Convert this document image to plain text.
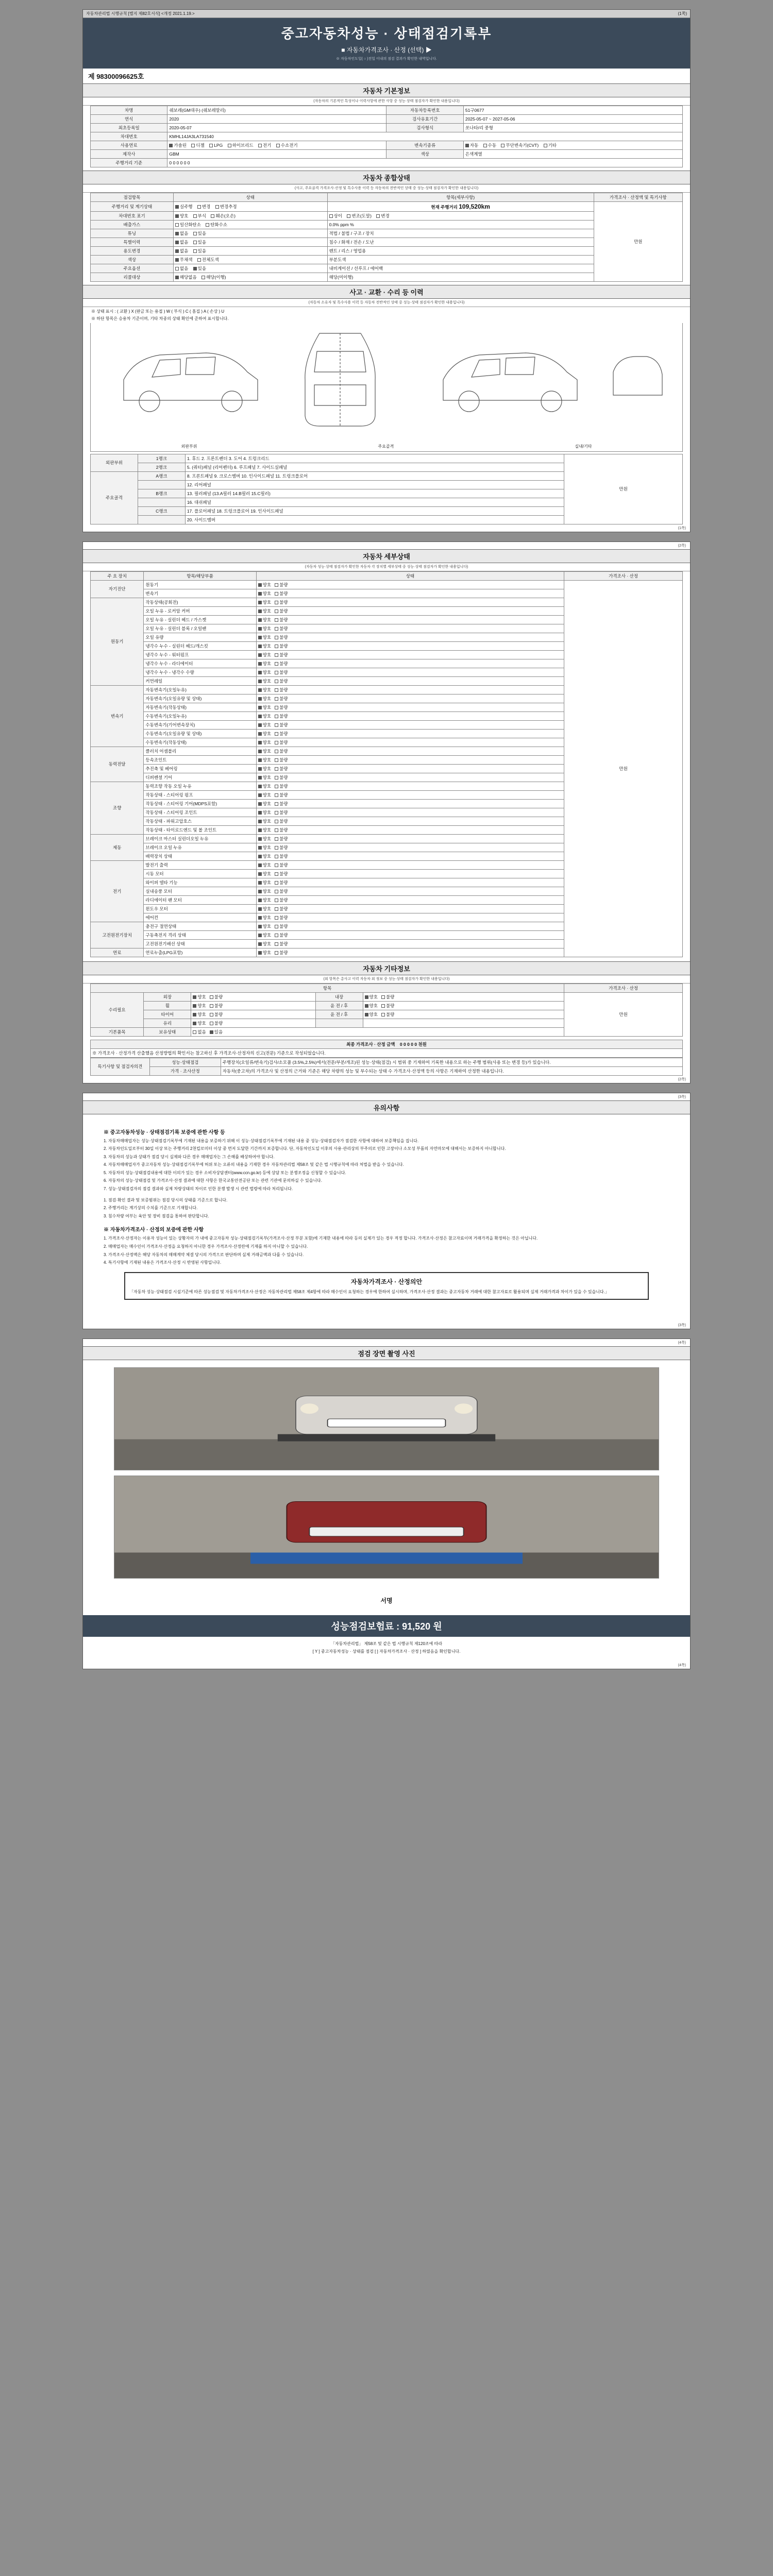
자동차관리법 시행규칙 [별지 제82호서식] <개정 2021.1.19.>	(1쪽)
중고자동차성능 · 상태점검기록부
■ 자동차가격조사 · 산정 (선택) ▶
※ 자동차인도일( ○ )전일 이내의 점검 결과가 확인한 내역입니다.
제 98300096625호
자동차 기본정보
(자동차의 기본적인 특성이나 이력사항에 관한 사항 중 성능·상태 점검자가 확인한 내용입니다)
차명	쉐보레(GM대우) (쉐보레말리)	자동차등록번호	51구0677
연식	2020	검사유효기간	2025-05-07 ~ 2027-05-06
최초등록일	2020-05-07	검사형식	쏘나타/리 중형
차대번호	KMHL14JA3LA731540		
사용연료	가솔린 디젤 LPG 하이브리드 전기 수소전기	변속기종류	자동 수동 무단변속기(CVT) 기타
제작사	GBM	색상	은색계열
주행거리 기준	0 0 0 0 0 0		
자동차 종합상태
(사고, 주요골격 가격조사·산정 및 특수사용 이력 등 자동차의 전반적인 상태 중 성능·상태 점검자가 확인한 내용입니다)
점검항목	상태	항목(세부사항)	가격조사 · 산정액 및 특기사항
주행거리 및 계기상태	실주행 변경 변경추정	현재 주행거리 109,520km	만원
차대번호 표기	양호 부식 훼손(오손)	상이 변조(도말) 변경	
배출가스	일산화탄소 탄화수소	0.0% ppm %	
튜닝	없음 있음	적법 / 불법 / 구조 / 장치	
특별이력	없음 있음	침수 / 화재 / 전손 / 도난	
용도변경	없음 있음	렌트 / 리스 / 영업용	
색상	무채색 전체도색	부분도색	
주요옵션	없음 있음	내비게이션 / 선루프 / 에어백	
리콜대상	해당없음 해당(이행)	해당(미이행)	
사고 · 교환 · 수리 등 이력
(자동차 소유자 및 특수사용 이력 등 자동차 전반적인 상태 중 성능·상태 점검자가 확인한 내용입니다)
※ 상태 표시 : ( 교환 ) X (판금 또는 용접 ) W ( 부식 ) C ( 흠집 ) A ( 손상 ) U
※ 하단 항목은 승용차 기준이며, 기타 차종의 상태 확인에 준하여 표시합니다.
외판부위	주요골격	실내/기타
외판부위	1랭크	1. 후드 2. 프론트펜더 3. 도어 4. 트렁크리드	만원
	2랭크	5. (쿼터)패널 (리어펜더) 6. 루프패널 7. 사이드실패널	
주요골격	A랭크	8. 프론트패널 9. 크로스멤버 10. 인사이드패널 11. 트렁크플로어	
		12. 리어패널	
	B랭크	13. 필러패널 (13.A필러 14.B필러 15.C필러)	
		16. 대쉬패널	
	C랭크	17. 플로어패널 18. 트렁크플로어 19. 인사이드패널	
		20. 사이드멤버	
(1쪽)
(2쪽)
자동차 세부상태
(자동차 성능·상태 점검자가 확인한 자동차 각 장치별 세부상태 중 성능·상태 점검자가 확인한 내용입니다)
주 요 장치	항목/해당부품	상태	가격조사 · 산정
자기진단	원동기	양호 불량	만원
	변속기	양호 불량	
원동기	작동상태(공회전)	양호 불량	
	오일 누유 - 로커암 커버	양호 불량	
	오일 누유 - 실린더 헤드 / 가스켓	양호 불량	
	오일 누유 - 실린더 블록 / 오일팬	양호 불량	
	오일 유량	양호 불량	
	냉각수 누수 - 실린더 헤드/개스킷	양호 불량	
	냉각수 누수 - 워터펌프	양호 불량	
	냉각수 누수 - 라디에이터	양호 불량	
	냉각수 누수 - 냉각수 수량	양호 불량	
	커먼레일	양호 불량	
변속기	자동변속기(오일누유)	양호 불량	
	자동변속기(오일유량 및 상태)	양호 불량	
	자동변속기(작동상태)	양호 불량	
	수동변속기(오일누유)	양호 불량	
	수동변속기(기어변속장치)	양호 불량	
	수동변속기(오일유량 및 상태)	양호 불량	
	수동변속기(작동상태)	양호 불량	
동력전달	클러치 어셈블리	양호 불량	
	등속조인트	양호 불량	
	추진축 및 베어링	양호 불량	
	디퍼렌셜 기어	양호 불량	
조향	동력조향 작동 오일 누유	양호 불량	
	작동상태 - 스티어링 펌프	양호 불량	
	작동상태 - 스티어링 기어(MDPS포함)	양호 불량	
	작동상태 - 스티어링 조인트	양호 불량	
	작동상태 - 파워고압호스	양호 불량	
	작동상태 - 타이로드엔드 및 볼 조인트	양호 불량	
제동	브레이크 마스터 실린더오일 누유	양호 불량	
	브레이크 오일 누유	양호 불량	
	배력장치 상태	양호 불량	
전기	발전기 출력	양호 불량	
	시동 모터	양호 불량	
	와이퍼 델타 기능	양호 불량	
	실내송풍 모터	양호 불량	
	라디에이터 팬 모터	양호 불량	
	윈도우 모터	양호 불량	
	에어컨	양호 불량	
고전원전기장치	충전구 절연상태	양호 불량	
	구동축전지 격리 상태	양호 불량	
	고전원전기배선 상태	양호 불량	
연료	연료누출(LPG포함)	양호 불량	
자동차 기타정보
(외 항목은 총사고 이력 자동차 외 정보 중 성능·상태 점검자가 확인한 내용입니다)
항목					가격조사 · 산정
수리필요	외장	양호 불량	내장	양호 불량	만원
	휠	양호 불량	윤 전 / 후	양호 불량	
	타이어	양호 불량	윤 전 / 후	양호 불량	
	유리	양호 불량			
기본품목	보유상태	없음 있음			
최종 가격조사 · 산정 금액 0 0 0 0 0 천원
※ 가격조사 · 산정가격 산출했음 산정방법의 확인서는 참고하신 후 가격조사·산정자의 신고(전문) 기준으로 작성되었습니다.
특기사항 및 점검자의견	성능·상태점검	주행장치(오일류/변속기)검사/소모품 (3.5%,2.5%)에서(전문/부분/개조)된 성능·상태(점검) 시 범위 중 기재하여 기록한 내용으로 하는 주행 범위(사용 또는 변경 등)가 있습니다.
	가격 · 조사산정	자동차(중고차)의 가격조사 및 산정의 근거와 기준은 해당 차량의 성능 및 부수되는 상태 수 가격조사·산정액 등의 사항은 기재하여 산정한 내용입니다.
(2쪽)
(3쪽)
유의사항
※ 중고자동차성능 · 상태점검기록 보증에 관한 사항 등

1. 자동차매매업자는 성능·상태점검기록부에 기재된 내용을 보증하기 위해 이 성능·상태점검기록부에 기재된 내용 중 성능·상태점검자가 점검한 사항에 대하여 보증책임을 집니다.

2. 자동차인도일로부터 30일 이상 또는 주행거리 2천킬로미터 이상 중 먼저 도달한 기간까지 보증합니다. 단, 자동차인도일 이후의 사용·관리상의 부주의로 인한 고장이나 소모성 부품의 자연마모에 대해서는 보증하지 아니합니다.

3. 자동차의 성능과 상태가 점검 당시 실제와 다른 경우 매매업자는 그 손해를 배상하여야 합니다.

4. 자동차매매업자가 중고자동차 성능·상태점검기록부에 허위 또는 오류의 내용을 기재한 경우 자동차관리법 제58조 및 같은 법 시행규칙에 따라 처벌을 받을 수 있습니다.

5. 자동차의 성능·상태점검내용에 대한 이의가 있는 경우 소비자상담센터(www.ccn.go.kr) 등에 상담 또는 분쟁조정을 신청할 수 있습니다.

6. 자동차의 성능·상태점검 및 가격조사·산정 결과에 대한 사항은 한국교통안전공단 또는 관련 기관에 문의하실 수 있습니다.

7. 성능·상태점검자의 점검 결과와 실제 차량상태의 차이로 인한 분쟁 발생 시 관련 법령에 따라 처리됩니다.

1. 점검·확인 결과 및 보증범위는 점검 당시의 상태를 기준으로 합니다.

2. 주행거리는 계기상의 수치를 기준으로 기재합니다.

3. 침수차량 여부는 육안 및 장비 점검을 통하여 판단합니다.

※ 자동차가격조사 · 산정의 보증에 관한 사항

1. 가격조사·산정자는 이용자 성능이 있는 상황자의 가 내에 중고자동차 성능·상태점검기록부(가격조사·산정 부분 포함)에 기재한 내용에 따라 등의 실제가 있는 경우 적정 합니다. 가격조사·산정은 참고자료이며 거래가격을 확정하는 것은 아닙니다.

2. 매매업자는 매수인이 가격조사·산정을 요청하지 아니한 경우 가격조사·산정란에 기재를 하지 아니할 수 있습니다.

3. 가격조사·산정액은 해당 자동차의 매매계약 체결 당시의 가격으로 판단하며 실제 거래금액과 다를 수 있습니다.

4. 특기사항에 기재된 내용은 가격조사·산정 시 반영된 사항입니다.

자동차가격조사 · 산정의안
「자동차 성능·상태점검 시설기준에 따른 성능점검 및 자동차가격조사·산정은 자동차관리법 제58조 제4항에 따라 매수인이 요청하는 경우에 한하여 실시하며, 가격조사·산정 결과는 중고자동차 거래에 대한 참고자료로 활용되며 실제 거래가격과 차이가 있을 수 있습니다.」
(3쪽)
(4쪽)
점검 장면 촬영 사진
서명
성능점검보험료 : 91,520 원
「자동차관리법」 제58조 및 같은 법 시행규칙 제120조에 따라
[ Y ] 중고자동차성능 · 상태를 점검 [ ] 자동차가격조사 · 산정 ] 하였음을 확인합니다.
(4쪽)
